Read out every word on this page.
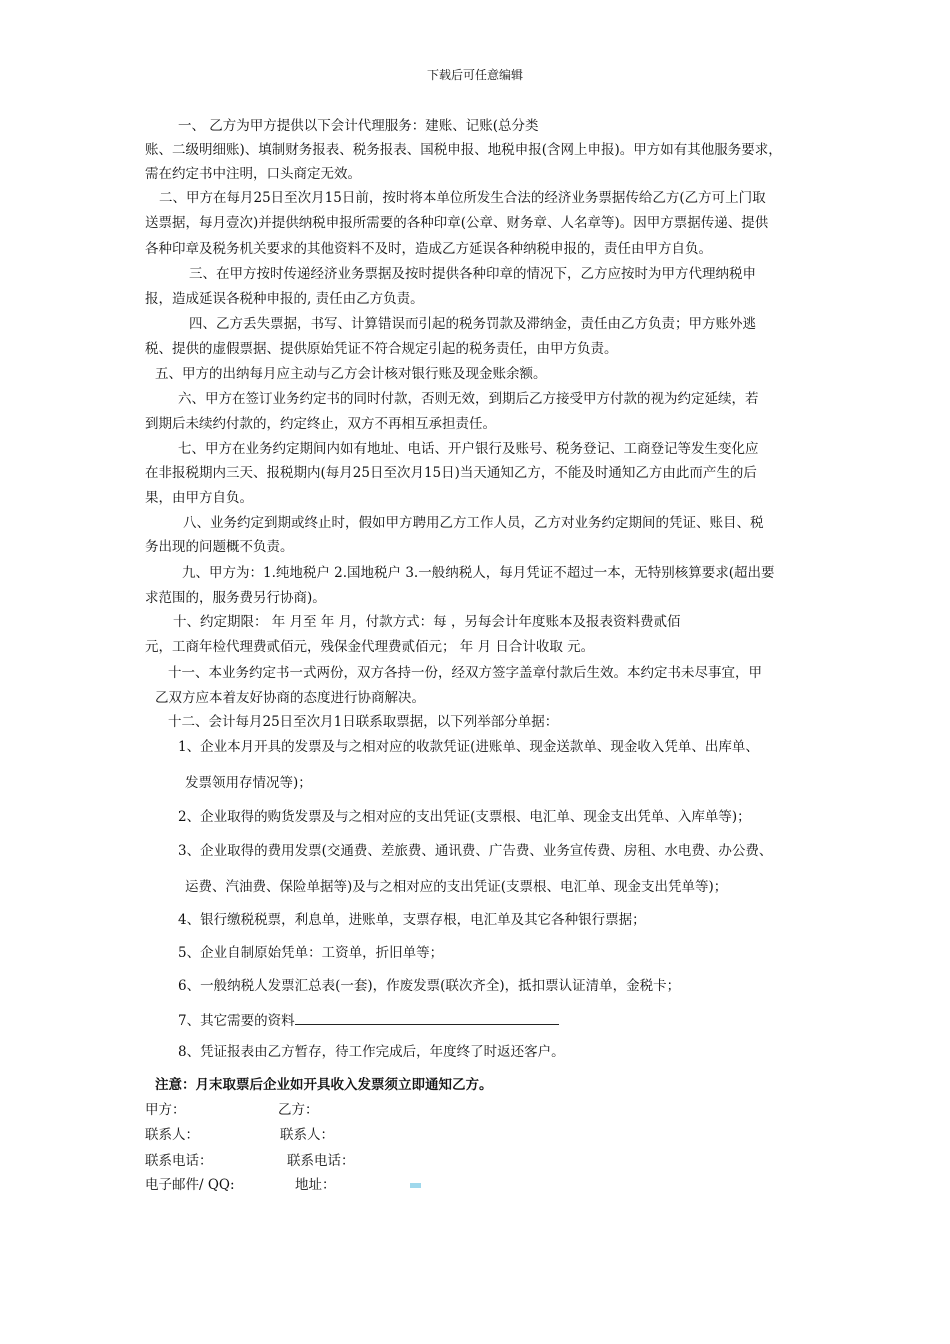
下载后可任意编辑
一、 乙方为甲方提供以下会计代理服务：建账、记账(总分类
账、二级明细账)、填制财务报表、税务报表、国税申报、地税申报(含网上申报)。甲方如有其他服务要求，
需在约定书中注明，口头商定无效。
二、甲方在每月25日至次月15日前，按时将本单位所发生合法的经济业务票据传给乙方(乙方可上门取
送票据，每月壹次)并提供纳税申报所需要的各种印章(公章、财务章、人名章等)。因甲方票据传递、提供
各种印章及税务机关要求的其他资料不及时，造成乙方延误各种纳税申报的，责任由甲方自负。
三、在甲方按时传递经济业务票据及按时提供各种印章的情况下，乙方应按时为甲方代理纳税申
报，造成延误各税种申报的, 责任由乙方负责。
四、乙方丢失票据，书写、计算错误而引起的税务罚款及滞纳金，责任由乙方负责；甲方账外逃
税、提供的虚假票据、提供原始凭证不符合规定引起的税务责任，由甲方负责。
五、甲方的出纳每月应主动与乙方会计核对银行账及现金账余额。
六、甲方在签订业务约定书的同时付款，否则无效，到期后乙方接受甲方付款的视为约定延续，若
到期后未续约付款的，约定终止，双方不再相互承担责任。
七、甲方在业务约定期间内如有地址、电话、开户银行及账号、税务登记、工商登记等发生变化应
在非报税期内三天、报税期内(每月25日至次月15日)当天通知乙方，不能及时通知乙方由此而产生的后
果，由甲方自负。
八、业务约定到期或终止时，假如甲方聘用乙方工作人员，乙方对业务约定期间的凭证、账目、税
务出现的问题概不负责。
九、甲方为：1.纯地税户 2.国地税户 3.一般纳税人，每月凭证不超过一本，无特别核算要求(超出要
求范围的，服务费另行协商)。
十、约定期限： 年 月至 年 月，付款方式：每 ，另每会计年度账本及报表资料费贰佰
元，工商年检代理费贰佰元，残保金代理费贰佰元； 年 月 日合计收取 元。
十一、本业务约定书一式两份，双方各持一份，经双方签字盖章付款后生效。本约定书未尽事宜，甲
乙双方应本着友好协商的态度进行协商解决。
十二、会计每月25日至次月1日联系取票据，以下列举部分单据：
1、企业本月开具的发票及与之相对应的收款凭证(进账单、现金送款单、现金收入凭单、出库单、
发票领用存情况等)；
2、企业取得的购货发票及与之相对应的支出凭证(支票根、电汇单、现金支出凭单、入库单等)；
3、企业取得的费用发票(交通费、差旅费、通讯费、广告费、业务宣传费、房租、水电费、办公费、
运费、汽油费、保险单据等)及与之相对应的支出凭证(支票根、电汇单、现金支出凭单等)；
4、银行缴税税票，利息单，进账单，支票存根，电汇单及其它各种银行票据；
5、企业自制原始凭单：工资单，折旧单等；
6、一般纳税人发票汇总表(一套)，作废发票(联次齐全)，抵扣票认证清单，金税卡；
7、其它需要的资料
8、凭证报表由乙方暂存，待工作完成后，年度终了时返还客户。
注意：月末取票后企业如开具收入发票须立即通知乙方。
甲方：	乙方：
联系人：	联系人：
联系电话：	联系电话：
电子邮件/ QQ:	地址：
